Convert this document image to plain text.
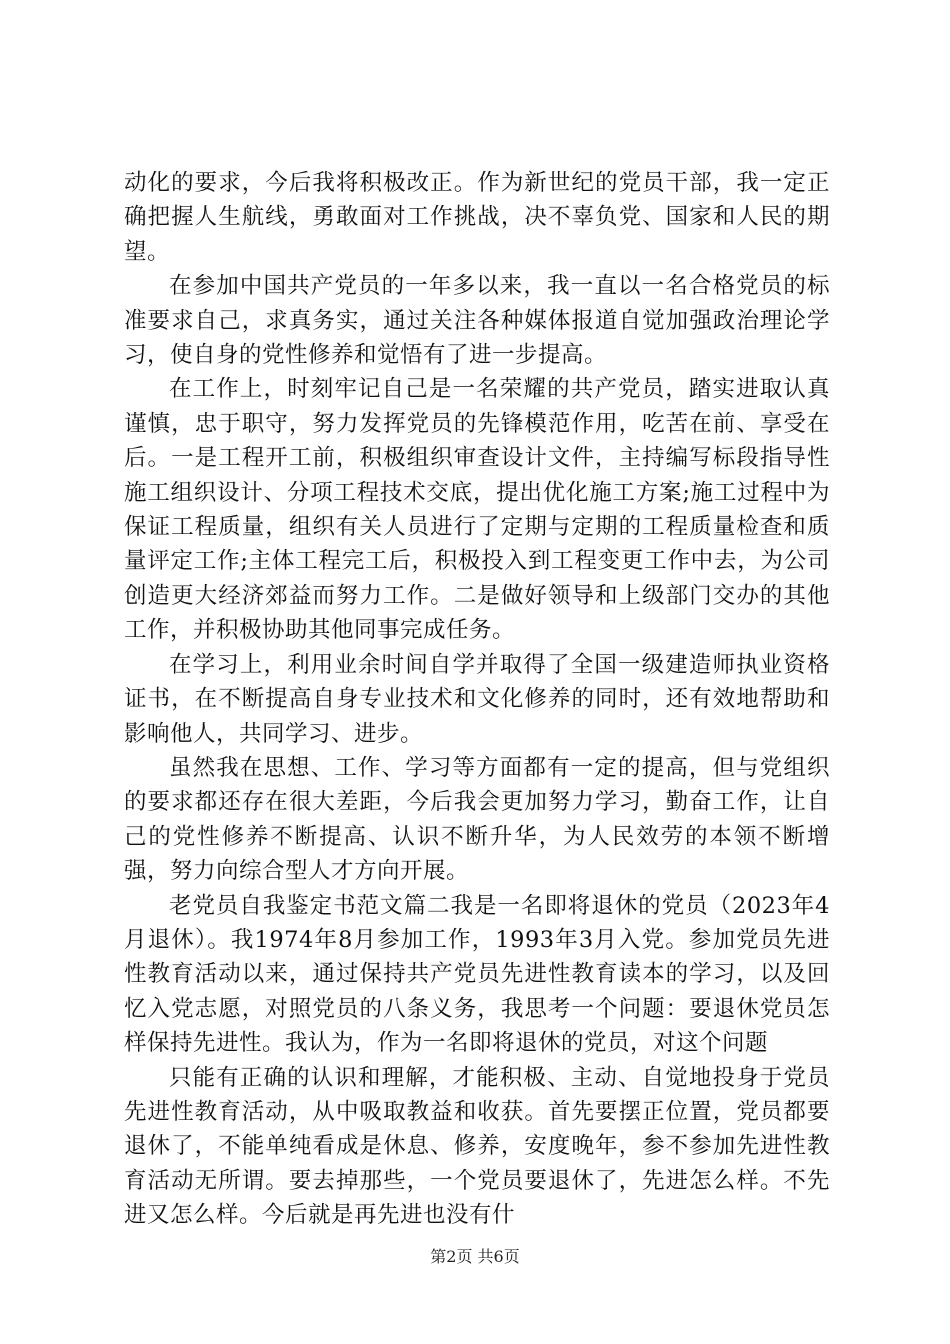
动化的要求，今后我将积极改正。作为新世纪的党员干部，我一定正确把握人生航线，勇敢面对工作挑战，决不辜负党、国家和人民的期望。

在参加中国共产党员的一年多以来，我一直以一名合格党员的标准要求自己，求真务实，通过关注各种媒体报道自觉加强政治理论学习，使自身的党性修养和觉悟有了进一步提高。

在工作上，时刻牢记自己是一名荣耀的共产党员，踏实进取认真谨慎，忠于职守，努力发挥党员的先锋模范作用，吃苦在前、享受在后。一是工程开工前，积极组织审查设计文件，主持编写标段指导性施工组织设计、分项工程技术交底，提出优化施工方案;施工过程中为保证工程质量，组织有关人员进行了定期与定期的工程质量检查和质量评定工作;主体工程完工后，积极投入到工程变更工作中去，为公司创造更大经济郊益而努力工作。二是做好领导和上级部门交办的其他工作，并积极协助其他同事完成任务。

在学习上，利用业余时间自学并取得了全国一级建造师执业资格证书，在不断提高自身专业技术和文化修养的同时，还有效地帮助和影响他人，共同学习、进步。

虽然我在思想、工作、学习等方面都有一定的提高，但与党组织的要求都还存在很大差距，今后我会更加努力学习，勤奋工作，让自己的党性修养不断提高、认识不断升华，为人民效劳的本领不断增强，努力向综合型人才方向开展。

老党员自我鉴定书范文篇二我是一名即将退休的党员（2023年4月退休）。我1974年8月参加工作，1993年3月入党。参加党员先进性教育活动以来，通过保持共产党员先进性教育读本的学习，以及回忆入党志愿，对照党员的八条义务，我思考一个问题：要退休党员怎样保持先进性。我认为，作为一名即将退休的党员，对这个问题

只能有正确的认识和理解，才能积极、主动、自觉地投身于党员先进性教育活动，从中吸取教益和收获。首先要摆正位置，党员都要退休了，不能单纯看成是休息、修养，安度晚年，参不参加先进性教育活动无所谓。要去掉那些，一个党员要退休了，先进怎么样。不先进又怎么样。今后就是再先进也没有什

第2页 共6页
